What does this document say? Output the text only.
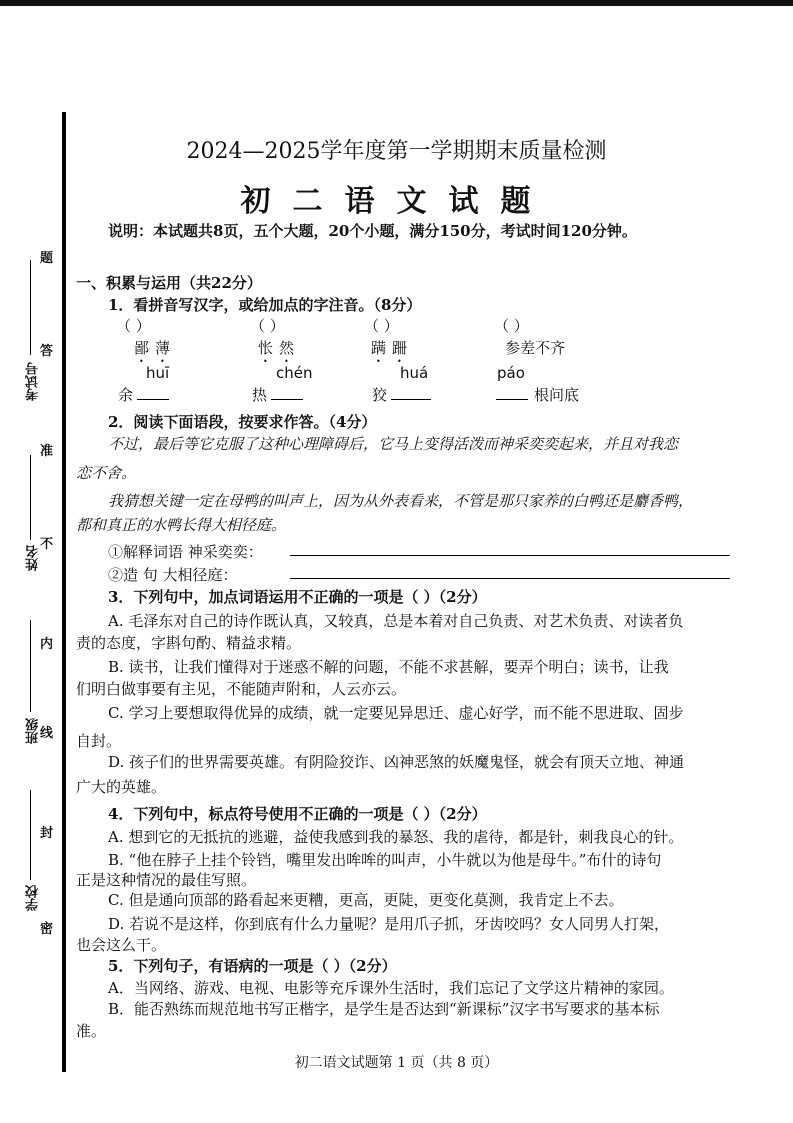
题
答
准
不
内
线
封
密
考试号
姓名
班级
学校
2024—2025学年度第一学期期末质量检测
初二语文试题
说明：本试题共8页，五个大题，20个小题，满分150分，考试时间120分钟。
一、积累与运用（共22分）
1．看拼音写汉字，或给加点的字注音。（8分）
（ ）	（ ）	（ ）	（ ）
鄙薄	怅然	蹒跚	参差不齐
huī	chén	huá	páo
余	热	狡	根问底
2．阅读下面语段，按要求作答。（4分）
不过，最后等它克服了这种心理障碍后，它马上变得活泼而神采奕奕起来，并且对我恋
恋不舍。
我猜想关键一定在母鸭的叫声上，因为从外表看来，不管是那只家养的白鸭还是麝香鸭，
都和真正的水鸭长得大相径庭。
①解释词语 神采奕奕：
②造 句 大相径庭：
3．下列句中，加点词语运用不正确的一项是（ ）（2分）
A. 毛泽东对自己的诗作既认真，又较真，总是本着对自己负责、对艺术负责、对读者负
责的态度，字斟句酌、精益求精。
B. 读书，让我们懂得对于迷惑不解的问题，不能不求甚解，要弄个明白；读书，让我
们明白做事要有主见，不能随声附和，人云亦云。
C. 学习上要想取得优异的成绩，就一定要见异思迁、虚心好学，而不能不思进取、固步
自封。
D. 孩子们的世界需要英雄。有阴险狡诈、凶神恶煞的妖魔鬼怪，就会有顶天立地、神通
广大的英雄。
4．下列句中，标点符号使用不正确的一项是（ ）（2分）
A. 想到它的无抵抗的逃避，益使我感到我的暴怒、我的虐待，都是针，刺我良心的针。
B. “他在脖子上挂个铃铛，嘴里发出哞哞的叫声，小牛就以为他是母牛。”布什的诗句
正是这种情况的最佳写照。
C. 但是通向顶部的路看起来更糟，更高，更陡，更变化莫测，我肯定上不去。
D. 若说不是这样，你到底有什么力量呢？是用爪子抓，牙齿咬吗？女人同男人打架，
也会这么干。
5．下列句子，有语病的一项是（ ）（2分）
A．当网络、游戏、电视、电影等充斥课外生活时，我们忘记了文学这片精神的家园。
B．能否熟练而规范地书写正楷字，是学生是否达到“新课标”汉字书写要求的基本标
准。
初二语文试题第 1 页（共 8 页）
